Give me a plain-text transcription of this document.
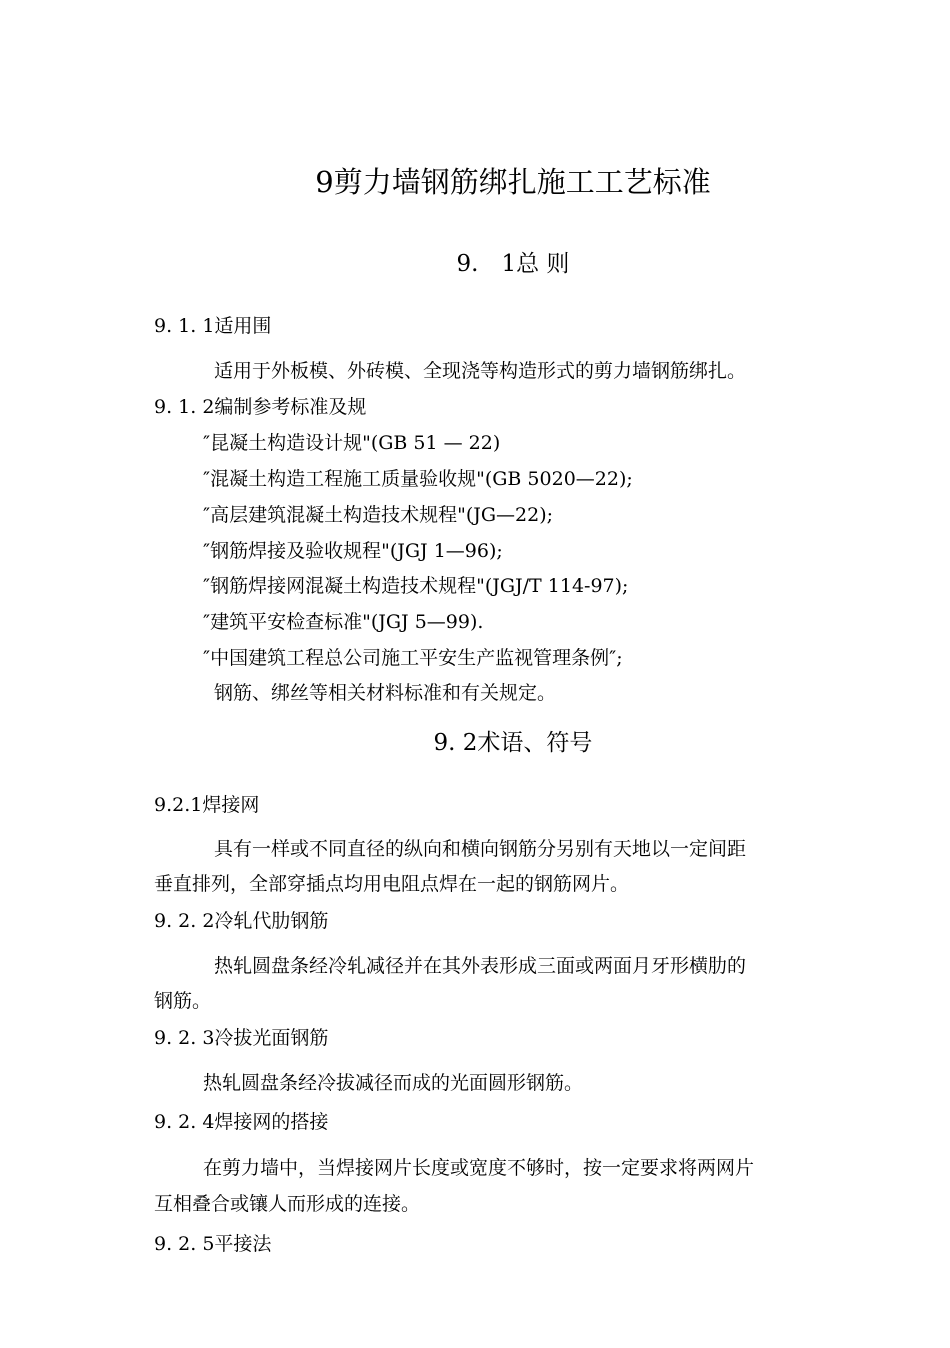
9剪力墙钢筋绑扎施工工艺标准
9.　1总 则
9. 1. 1适用围
适用于外板模、外砖模、全现浇等构造形式的剪力墙钢筋绑扎。
9. 1. 2编制参考标准及规
″昆凝土构造设计规"(GB 51 — 22)
″混凝土构造工程施工质量验收规"(GB 5020—22);
″高层建筑混凝土构造技术规程"(JG—22);
″钢筋焊接及验收规程"(JGJ 1—96);
″钢筋焊接网混凝土构造技术规程"(JGJ/T 114-97);
″建筑平安检查标准"(JGJ 5—99).
″中国建筑工程总公司施工平安生产监视管理条例″;
钢筋、绑丝等相关材料标准和有关规定。
9. 2术语、符号
9.2.1焊接网
具有一样或不同直径的纵向和横向钢筋分另别有天地以一定间距
垂直排列，全部穿插点均用电阻点焊在一起的钢筋网片。
9. 2. 2冷轧代肋钢筋
热轧圆盘条经冷轧减径并在其外表形成三面或两面月牙形横肋的
钢筋。
9. 2. 3冷拔光面钢筋
热轧圆盘条经冷拔减径而成的光面圆形钢筋。
9. 2. 4焊接网的搭接
在剪力墙中，当焊接网片长度或宽度不够时，按一定要求将两网片
互相叠合或镶人而形成的连接。
9. 2. 5平接法
